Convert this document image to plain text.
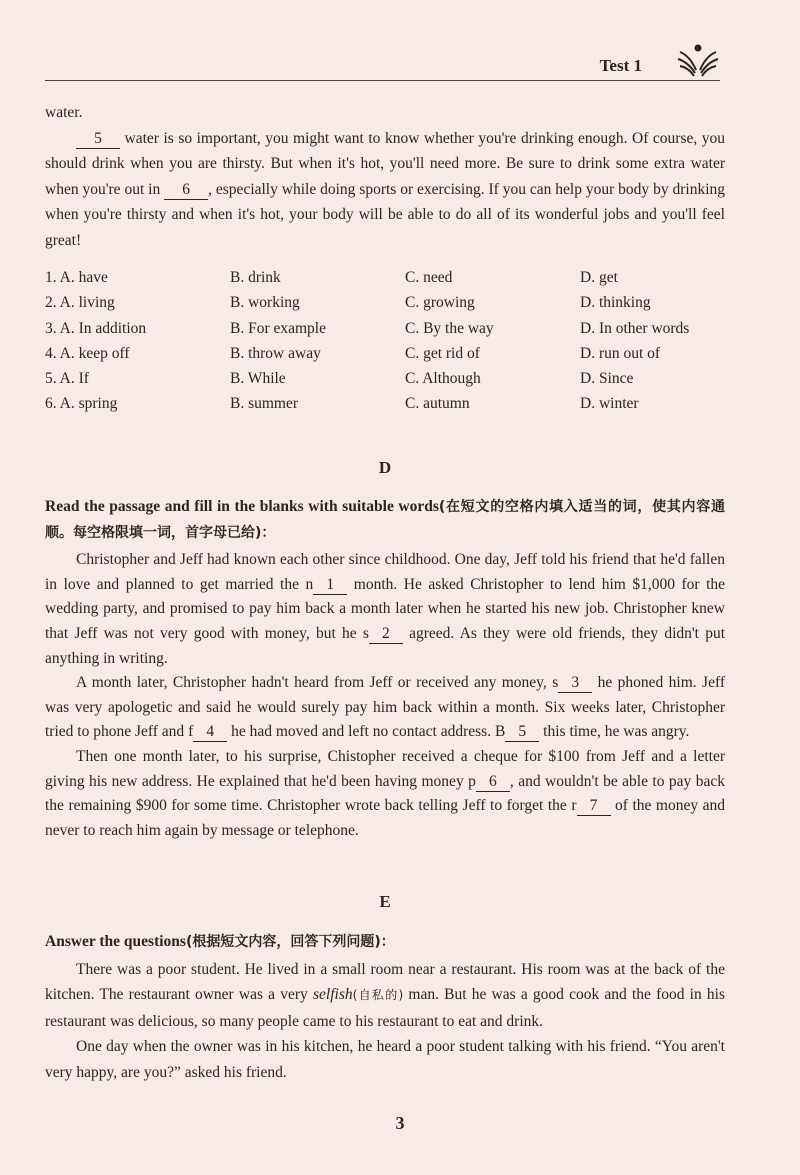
Test 1

water.

5 water is so important, you might want to know whether you're drinking enough. Of course, you should drink when you are thirsty. But when it's hot, you'll need more. Be sure to drink some extra water when you're out in 6 , especially while doing sports or exercising. If you can help your body by drinking when you're thirsty and when it's hot, your body will be able to do all of its wonderful jobs and you'll feel great!

1. A. have	B. drink	C. need	D. get
2. A. living	B. working	C. growing	D. thinking
3. A. In addition	B. For example	C. By the way	D. In other words
4. A. keep off	B. throw away	C. get rid of	D. run out of
5. A. If	B. While	C. Although	D. Since
6. A. spring	B. summer	C. autumn	D. winter
D

Read the passage and fill in the blanks with suitable words(在短文的空格内填入适当的词，使其内容通顺。每空格限填一词，首字母已给)：

Christopher and Jeff had known each other since childhood. One day, Jeff told his friend that he'd fallen in love and planned to get married the n 1 month. He asked Christopher to lend him $1,000 for the wedding party, and promised to pay him back a month later when he started his new job. Christopher knew that Jeff was not very good with money, but he s 2 agreed. As they were old friends, they didn't put anything in writing.

A month later, Christopher hadn't heard from Jeff or received any money, s 3 he phoned him. Jeff was very apologetic and said he would surely pay him back within a month. Six weeks later, Christopher tried to phone Jeff and f 4 he had moved and left no contact address. B 5 this time, he was angry.

Then one month later, to his surprise, Chistopher received a cheque for $100 from Jeff and a letter giving his new address. He explained that he'd been having money p 6 , and wouldn't be able to pay back the remaining $900 for some time. Christopher wrote back telling Jeff to forget the r 7 of the money and never to reach him again by message or telephone.

E

Answer the questions(根据短文内容，回答下列问题)：

There was a poor student. He lived in a small room near a restaurant. His room was at the back of the kitchen. The restaurant owner was a very selfish(自私的) man. But he was a good cook and the food in his restaurant was delicious, so many people came to his restaurant to eat and drink.

One day when the owner was in his kitchen, he heard a poor student talking with his friend. “You aren't very happy, are you?” asked his friend.

3
